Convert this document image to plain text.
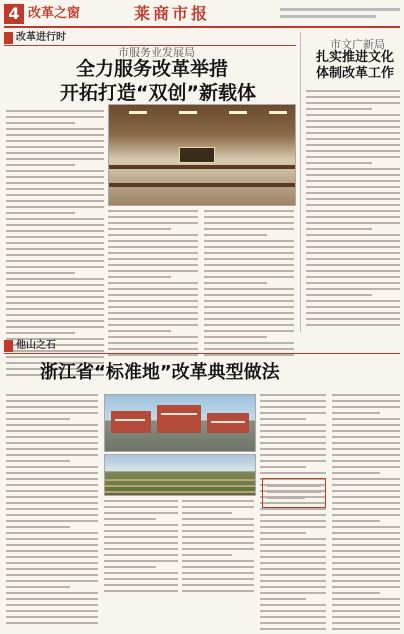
4 改革之窗	莱商市报
改革进行时
市服务业发展局
全力服务改革举措
开拓打造“双创”新载体
市文广新局
扎实推进文化
体制改革工作
他山之石
浙江省“标准地”改革典型做法
